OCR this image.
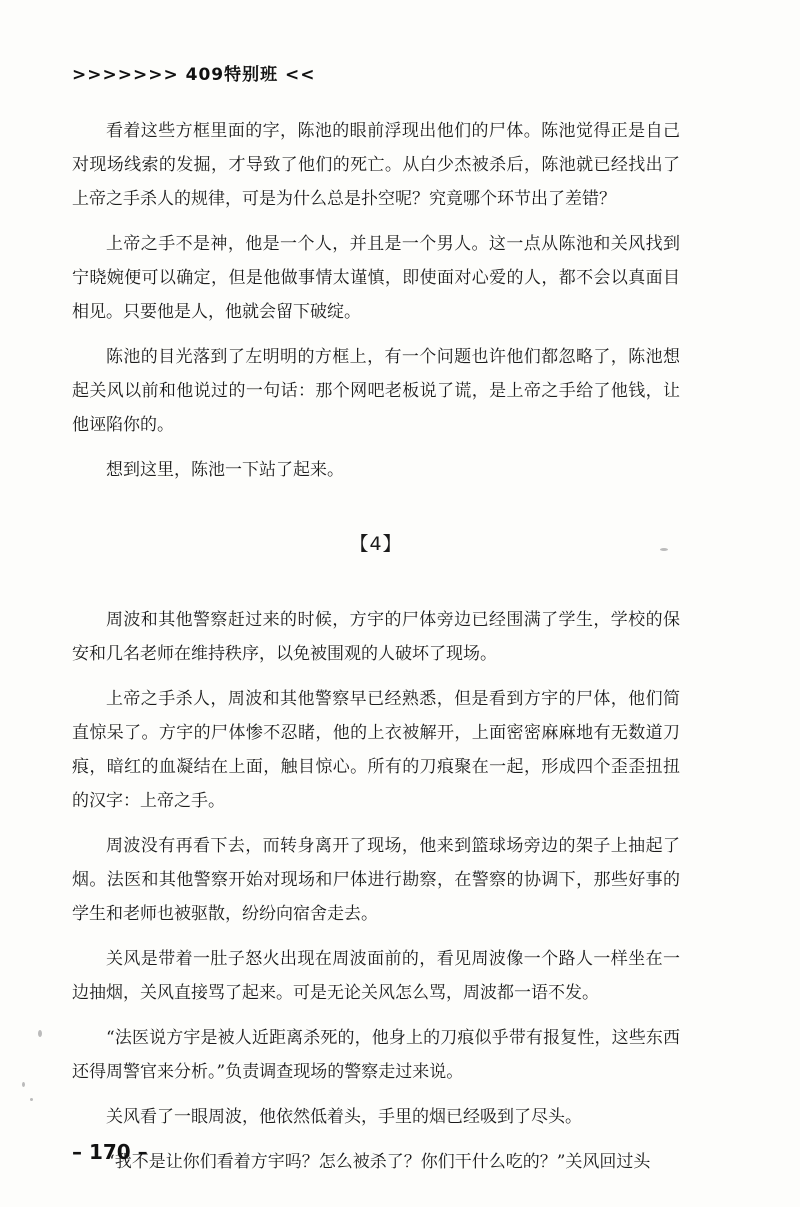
>>>>>>> 409特别班 <<

看着这些方框里面的字，陈池的眼前浮现出他们的尸体。陈池觉得正是自己对现场线索的发掘，才导致了他们的死亡。从白少杰被杀后，陈池就已经找出了上帝之手杀人的规律，可是为什么总是扑空呢？究竟哪个环节出了差错？

上帝之手不是神，他是一个人，并且是一个男人。这一点从陈池和关风找到宁晓婉便可以确定，但是他做事情太谨慎，即使面对心爱的人，都不会以真面目相见。只要他是人，他就会留下破绽。

陈池的目光落到了左明明的方框上，有一个问题也许他们都忽略了，陈池想起关风以前和他说过的一句话：那个网吧老板说了谎，是上帝之手给了他钱，让他诬陷你的。

想到这里，陈池一下站了起来。

【4】

周波和其他警察赶过来的时候，方宇的尸体旁边已经围满了学生，学校的保安和几名老师在维持秩序，以免被围观的人破坏了现场。

上帝之手杀人，周波和其他警察早已经熟悉，但是看到方宇的尸体，他们简直惊呆了。方宇的尸体惨不忍睹，他的上衣被解开，上面密密麻麻地有无数道刀痕，暗红的血凝结在上面，触目惊心。所有的刀痕聚在一起，形成四个歪歪扭扭的汉字：上帝之手。

周波没有再看下去，而转身离开了现场，他来到篮球场旁边的架子上抽起了烟。法医和其他警察开始对现场和尸体进行勘察，在警察的协调下，那些好事的学生和老师也被驱散，纷纷向宿舍走去。

关风是带着一肚子怒火出现在周波面前的，看见周波像一个路人一样坐在一边抽烟，关风直接骂了起来。可是无论关风怎么骂，周波都一语不发。

“法医说方宇是被人近距离杀死的，他身上的刀痕似乎带有报复性，这些东西还得周警官来分析。”负责调查现场的警察走过来说。

关风看了一眼周波，他依然低着头，手里的烟已经吸到了尽头。

“我不是让你们看着方宇吗？怎么被杀了？你们干什么吃的？”关风回过头

– 170 –
